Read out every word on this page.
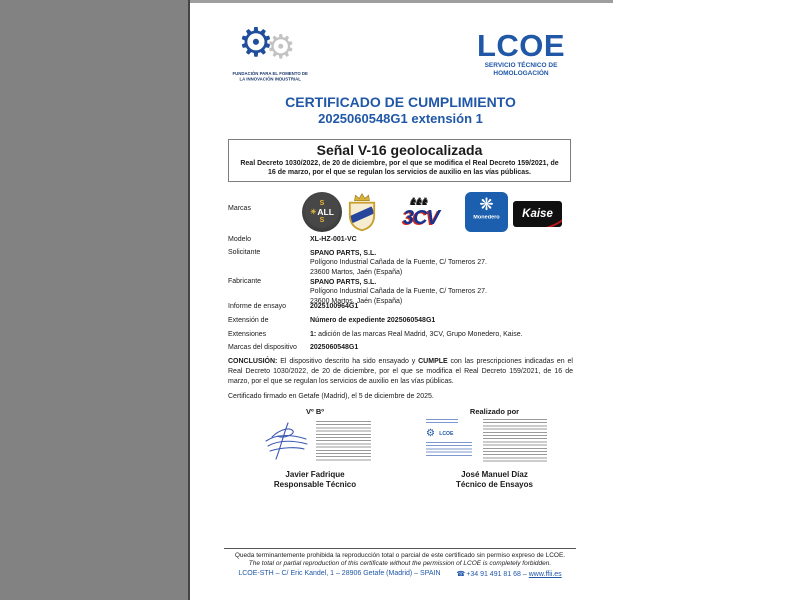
⚙
⚙
FUNDACIÓN PARA EL FOMENTO DE
LA INNOVACIÓN INDUSTRIAL
LCOE
SERVICIO TÉCNICO DE
HOMOLOGACIÓN
CERTIFICADO DE CUMPLIMIENTO
2025060548G1 extensión 1
Señal V-16 geolocalizada
Real Decreto 1030/2022, de 20 de diciembre, por el que se modifica el Real Decreto 159/2021, de 16 de marzo, por el que se regulan los servicios de auxilio en las vías públicas.
Marcas
S
☀ ALL
S
♞♞♞
3CV
❋
Monedero	Kaise
Modelo	XL-HZ-001-VC
Solicitante	SPANO PARTS, S.L.
Polígono Industrial Cañada de la Fuente, C/ Torneros 27.
23600 Martos, Jaén (España)
Fabricante	SPANO PARTS, S.L.
Polígono Industrial Cañada de la Fuente, C/ Torneros 27.
23600 Martos, Jaén (España)
Informe de ensayo	2025100964G1
Extensión de	Número de expediente 2025060548G1
Extensiones	1: adición de las marcas Real Madrid, 3CV, Grupo Monedero, Kaise.
Marcas del dispositivo 2025060548G1
CONCLUSIÓN: El dispositivo descrito ha sido ensayado y CUMPLE con las prescripciones indicadas en el Real Decreto 1030/2022, de 20 de diciembre, por el que se modifica el Real Decreto 159/2021, de 16 de marzo, por el que se regulan los servicios de auxilio en las vías públicas.
Certificado firmado en Getafe (Madrid), el 5 de diciembre de 2025.
Vº Bº
Javier Fadrique
Responsable Técnico
Realizado por
⚙ LCOE
José Manuel Díaz
Técnico de Ensayos
Queda terminantemente prohibida la reproducción total o parcial de este certificado sin permiso expreso de LCOE.
The total or partial reproduction of this certificate without the permission of LCOE is completely forbidden.
LCOE-STH – C/ Eric Kandel, 1 – 28906 Getafe (Madrid) – SPAIN ☎+34 91 491 81 68 – www.ffii.es
